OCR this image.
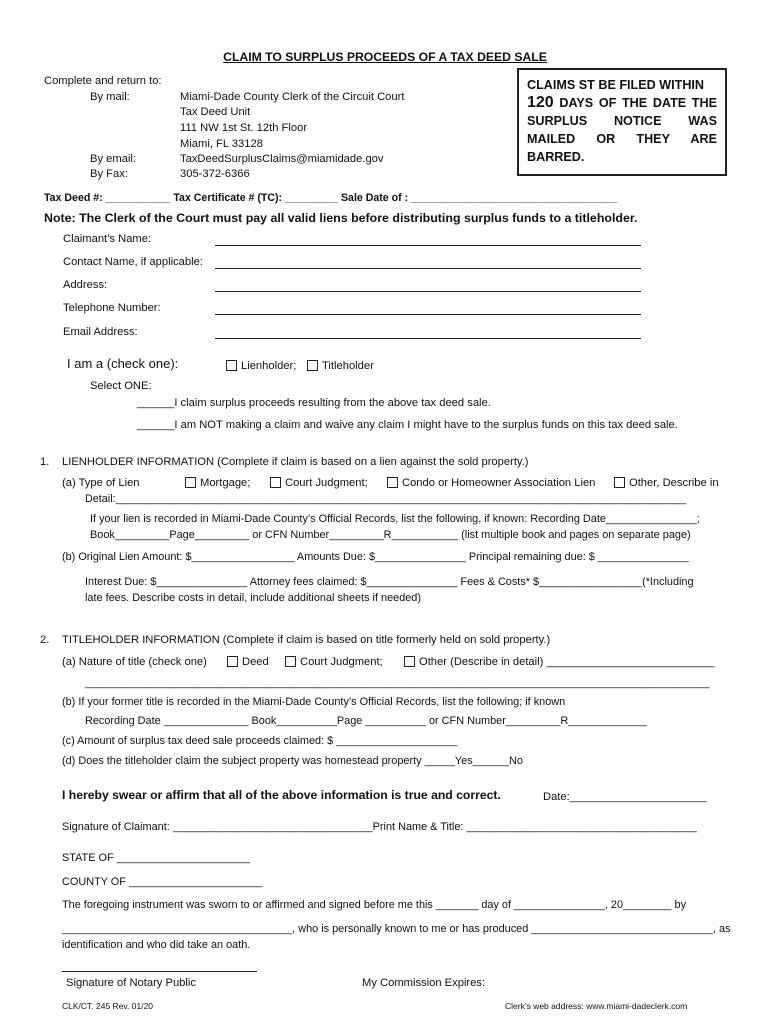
CLAIM TO SURPLUS PROCEEDS OF A TAX DEED SALE
Complete and return to:
By mail:	Miami-Dade County Clerk of the Circuit Court
Tax Deed Unit
111 NW 1st St. 12th Floor
Miami, FL 33128
By email:	TaxDeedSurplusClaims@miamidade.gov
By Fax:	305-372-6366
CLAIMS ST BE FILED WITHIN
120 DAYS OF THE DATE THE SURPLUS NOTICE WAS MAILED OR THEY ARE BARRED.
Tax Deed #: ___________ Tax Certificate # (TC): _________ Sale Date of : ___________________________________
Note: The Clerk of the Court must pay all valid liens before distributing surplus funds to a titleholder.
Claimant’s Name:
Contact Name, if applicable:
Address:
Telephone Number:
Email Address:
I am a (check one):	Lienholder;	Titleholder
Select ONE:
______I claim surplus proceeds resulting from the above tax deed sale.
______I am NOT making a claim and waive any claim I might have to the surplus funds on this tax deed sale.
1. LIENHOLDER INFORMATION (Complete if claim is based on a lien against the sold property.)
(a) Type of Lien	Mortgage;	Court Judgment;	Condo or Homeowner Association Lien	Other, Describe in
Detail:_______________________________________________________________________________________________
If your lien is recorded in Miami-Dade County’s Official Records, list the following, if known: Recording Date_______________;
Book_________Page_________ or CFN Number_________R___________ (list multiple book and pages on separate page)
(b) Original Lien Amount: $_________________ Amounts Due: $_______________ Principal remaining due: $ _______________
Interest Due: $_______________ Attorney fees claimed: $_______________ Fees & Costs* $_________________(*Including
late fees. Describe costs in detail, include additional sheets if needed)
2. TITLEHOLDER INFORMATION (Complete if claim is based on title formerly held on sold property.)
(a) Nature of title (check one)	Deed	Court Judgment;	Other (Describe in detail) ___________________________
________________________________________________________________________________________________________
(b) If your former title is recorded in the Miami-Dade County’s Official Records, list the following; if known
Recording Date ______________ Book__________Page __________ or CFN Number_________R_____________
(c) Amount of surplus tax deed sale proceeds claimed: $ ____________________
(d) Does the titleholder claim the subject property was homestead property _____Yes______No
I hereby swear or affirm that all of the above information is true and correct.	Date:______________________
Signature of Claimant: _________________________________Print Name & Title: ______________________________________
STATE OF ______________________
COUNTY OF ______________________
The foregoing instrument was sworn to or affirmed and signed before me this _______ day of _______________, 20________ by
______________________________________, who is personally known to me or has produced ______________________________, as
identification and who did take an oath.
Signature of Notary Public	My Commission Expires:
CLK/CT. 245 Rev. 01/20	Clerk’s web address: www.miami-dadeclerk.com
